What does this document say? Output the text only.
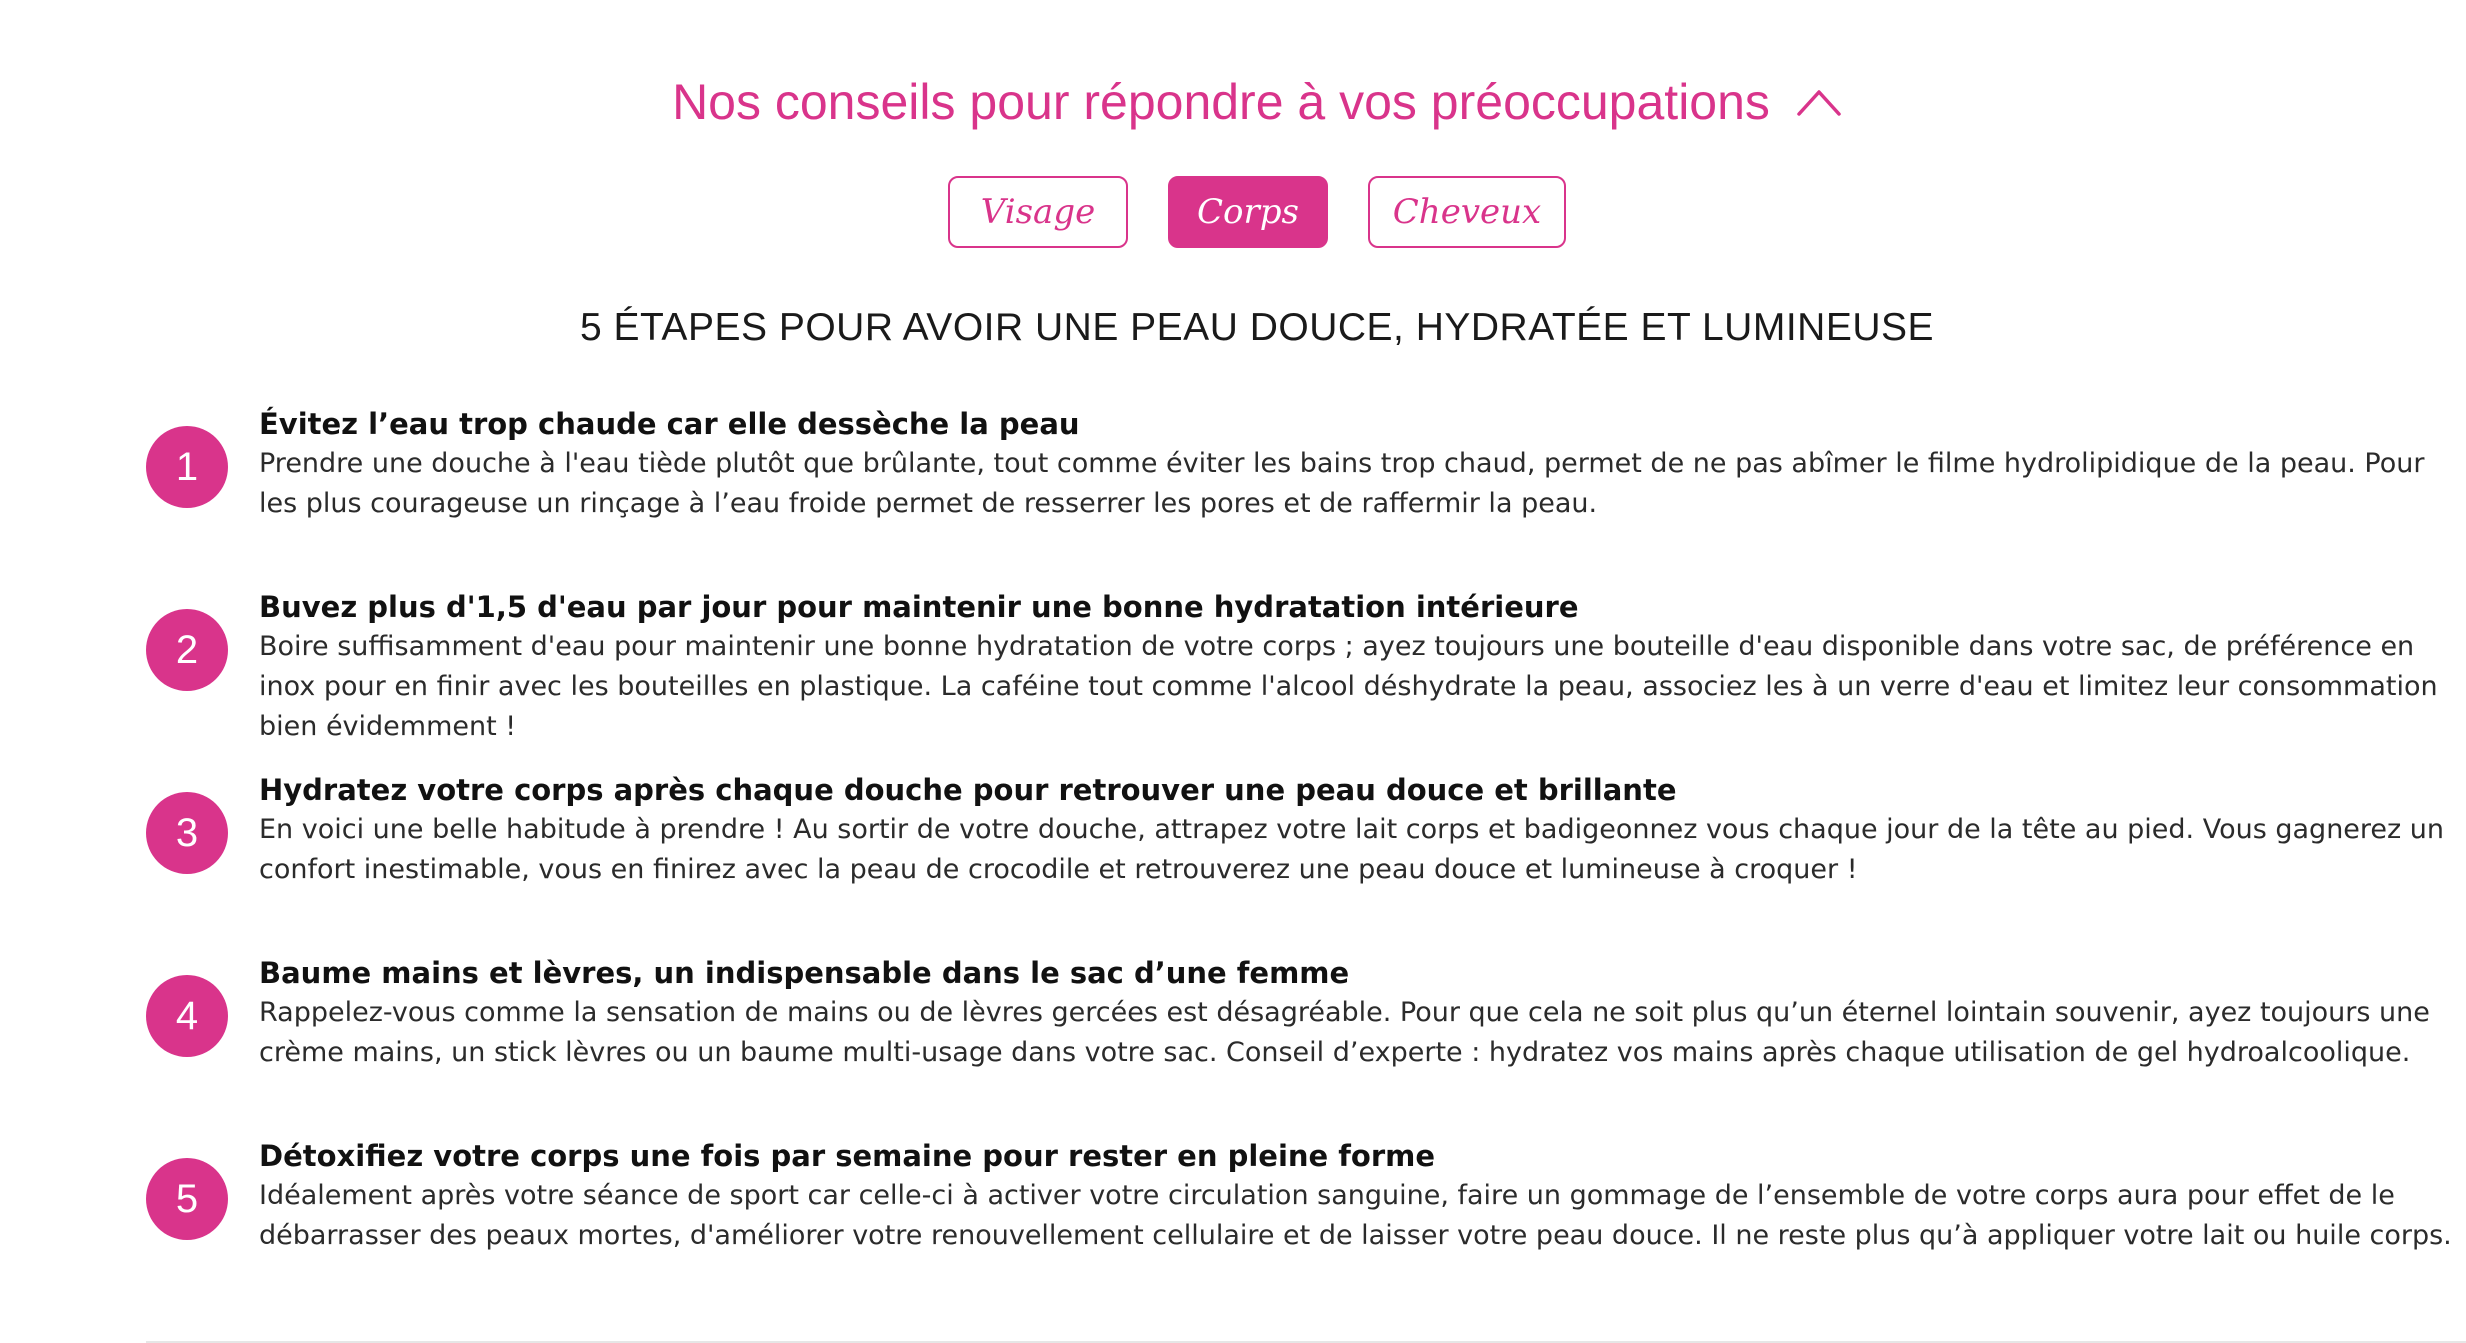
Nos conseils pour répondre à vos préoccupations
Visage	Corps	Cheveux
5 ÉTAPES POUR AVOIR UNE PEAU DOUCE, HYDRATÉE ET LUMINEUSE
1

Évitez l’eau trop chaude car elle dessèche la peau

Prendre une douche à l'eau tiède plutôt que brûlante, tout comme éviter les bains trop chaud, permet de ne pas abîmer le filme hydrolipidique de la peau. Pour les plus courageuse un rinçage à l’eau froide permet de resserrer les pores et de raffermir la peau.

2

Buvez plus d'1,5 d'eau par jour pour maintenir une bonne hydratation intérieure

Boire suffisamment d'eau pour maintenir une bonne hydratation de votre corps ; ayez toujours une bouteille d'eau disponible dans votre sac, de préférence en inox pour en finir avec les bouteilles en plastique. La caféine tout comme l'alcool déshydrate la peau, associez les à un verre d'eau et limitez leur consommation bien évidemment !

3

Hydratez votre corps après chaque douche pour retrouver une peau douce et brillante

En voici une belle habitude à prendre ! Au sortir de votre douche, attrapez votre lait corps et badigeonnez vous chaque jour de la tête au pied. Vous gagnerez un confort inestimable, vous en finirez avec la peau de crocodile et retrouverez une peau douce et lumineuse à croquer !

4

Baume mains et lèvres, un indispensable dans le sac d’une femme

Rappelez-vous comme la sensation de mains ou de lèvres gercées est désagréable. Pour que cela ne soit plus qu’un éternel lointain souvenir, ayez toujours une crème mains, un stick lèvres ou un baume multi-usage dans votre sac. Conseil d’experte : hydratez vos mains après chaque utilisation de gel hydroalcoolique.

5

Détoxifiez votre corps une fois par semaine pour rester en pleine forme

Idéalement après votre séance de sport car celle-ci à activer votre circulation sanguine, faire un gommage de l’ensemble de votre corps aura pour effet de le débarrasser des peaux mortes, d'améliorer votre renouvellement cellulaire et de laisser votre peau douce. Il ne reste plus qu’à appliquer votre lait ou huile corps.
